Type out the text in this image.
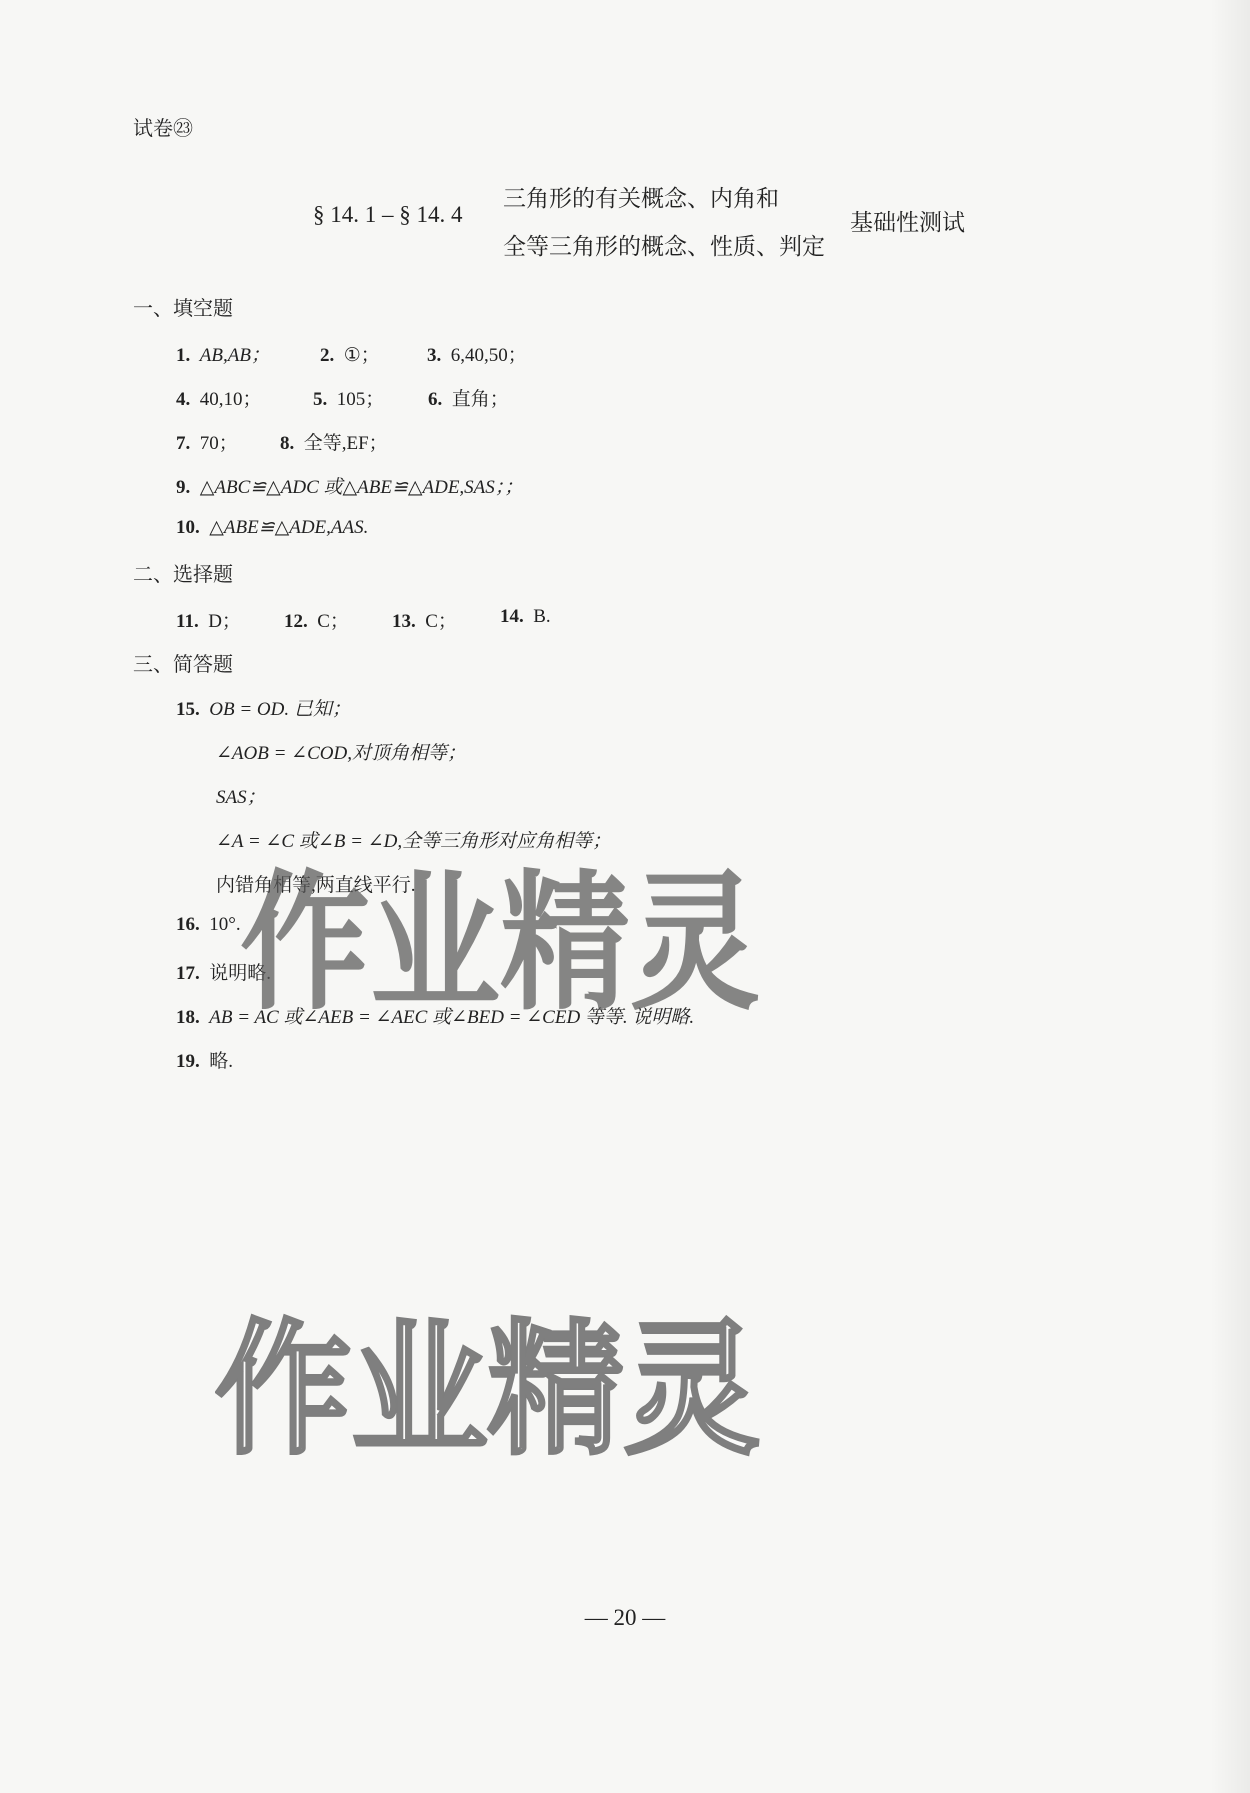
试卷㉓
§ 14. 1 – § 14. 4
三角形的有关概念、内角和
全等三角形的概念、性质、判定
基础性测试
一、填空题
1. AB,AB；	2. ①； 3. 6,40,50；
4. 40,10；	5. 105； 6. 直角；
7. 70； 8. 全等,EF；
9. △ABC≌△ADC 或△ABE≌△ADE,SAS；；
10. △ABE≌△ADE,AAS.
二、选择题
11. D； 12. C； 13. C； 14. B.
三、简答题
15. OB = OD. 已知；
∠AOB = ∠COD,对顶角相等；
SAS；
∠A = ∠C 或∠B = ∠D,全等三角形对应角相等；
内错角相等,两直线平行.
16. 10°.
17. 说明略.
18. AB = AC 或∠AEB = ∠AEC 或∠BED = ∠CED 等等. 说明略.
19. 略.
作业精灵
作业精灵
— 20 —
